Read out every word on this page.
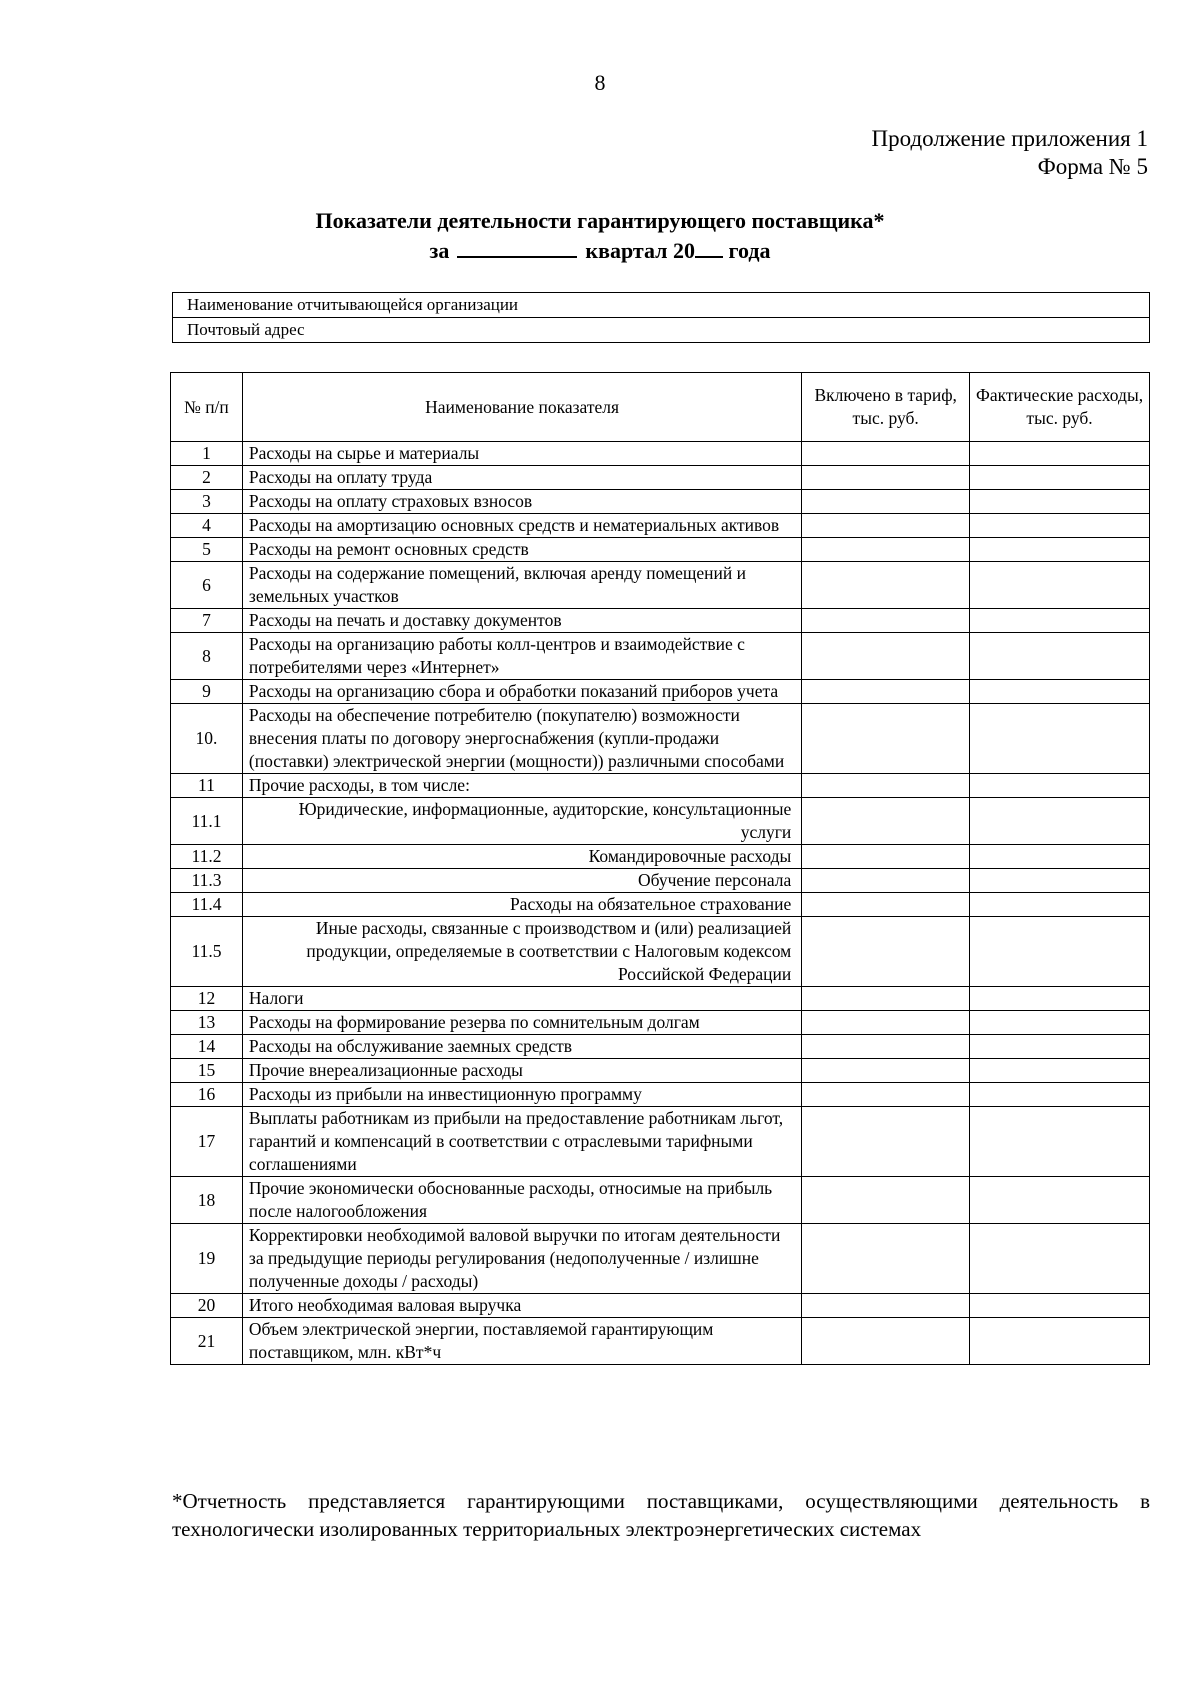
8
Продолжение приложения 1
Форма № 5
Показатели деятельности гарантирующего поставщика*
за	квартал 20 года
Наименование отчитывающейся организации
Почтовый адрес
№ п/п	Наименование показателя	Включено в тариф, тыс. руб.	Фактические расходы, тыс. руб.
1	Расходы на сырье и материалы		
2	Расходы на оплату труда		
3	Расходы на оплату страховых взносов		
4	Расходы на амортизацию основных средств и нематериальных активов		
5	Расходы на ремонт основных средств		
6	Расходы на содержание помещений, включая аренду помещений и земельных участков		
7	Расходы на печать и доставку документов		
8	Расходы на организацию работы колл-центров и взаимодействие с потребителями через «Интернет»		
9	Расходы на организацию сбора и обработки показаний приборов учета		
10.	Расходы на обеспечение потребителю (покупателю) возможности внесения платы по договору энергоснабжения (купли-продажи (поставки) электрической энергии (мощности)) различными способами		
11	Прочие расходы, в том числе:		
11.1	Юридические, информационные, аудиторские, консультационные услуги		
11.2	Командировочные расходы		
11.3	Обучение персонала		
11.4	Расходы на обязательное страхование		
11.5	Иные расходы, связанные с производством и (или) реализацией продукции, определяемые в соответствии с Налоговым кодексом Российской Федерации		
12	Налоги		
13	Расходы на формирование резерва по сомнительным долгам		
14	Расходы на обслуживание заемных средств		
15	Прочие внереализационные расходы		
16	Расходы из прибыли на инвестиционную программу		
17	Выплаты работникам из прибыли на предоставление работникам льгот, гарантий и компенсаций в соответствии с отраслевыми тарифными соглашениями		
18	Прочие экономически обоснованные расходы, относимые на прибыль после налогообложения		
19	Корректировки необходимой валовой выручки по итогам деятельности за предыдущие периоды регулирования (недополученные / излишне полученные доходы / расходы)		
20	Итого необходимая валовая выручка		
21	Объем электрической энергии, поставляемой гарантирующим поставщиком, млн. кВт*ч		
*Отчетность представляется гарантирующими поставщиками, осуществляющими деятельность в технологически изолированных территориальных электроэнергетических системах
